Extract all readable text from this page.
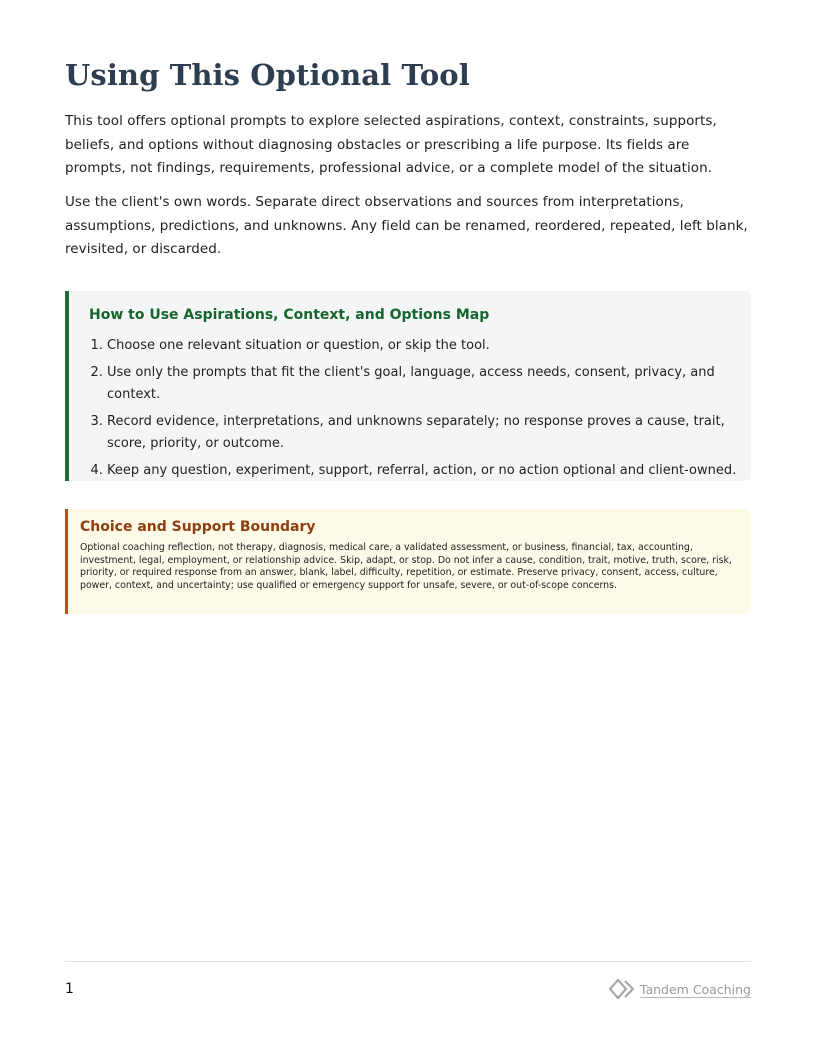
Using This Optional Tool

This tool offers optional prompts to explore selected aspirations, context, constraints, supports, beliefs, and options without diagnosing obstacles or prescribing a life purpose. Its fields are prompts, not findings, requirements, professional advice, or a complete model of the situation.

Use the client's own words. Separate direct observations and sources from interpretations, assumptions, predictions, and unknowns. Any field can be renamed, reordered, repeated, left blank, revisited, or discarded.

How to Use Aspirations, Context, and Options Map
1. Choose one relevant situation or question, or skip the tool.
2. Use only the prompts that fit the client's goal, language, access needs, consent, privacy, and context.
3. Record evidence, interpretations, and unknowns separately; no response proves a cause, trait, score, priority, or outcome.
4. Keep any question, experiment, support, referral, action, or no action optional and client-owned.
Choice and Support Boundary

Optional coaching reflection, not therapy, diagnosis, medical care, a validated assessment, or business, financial, tax, accounting, investment, legal, employment, or relationship advice. Skip, adapt, or stop. Do not infer a cause, condition, trait, motive, truth, score, risk, priority, or required response from an answer, blank, label, difficulty, repetition, or estimate. Preserve privacy, consent, access, culture, power, context, and uncertainty; use qualified or emergency support for unsafe, severe, or out-of-scope concerns.

1	Tandem Coaching
